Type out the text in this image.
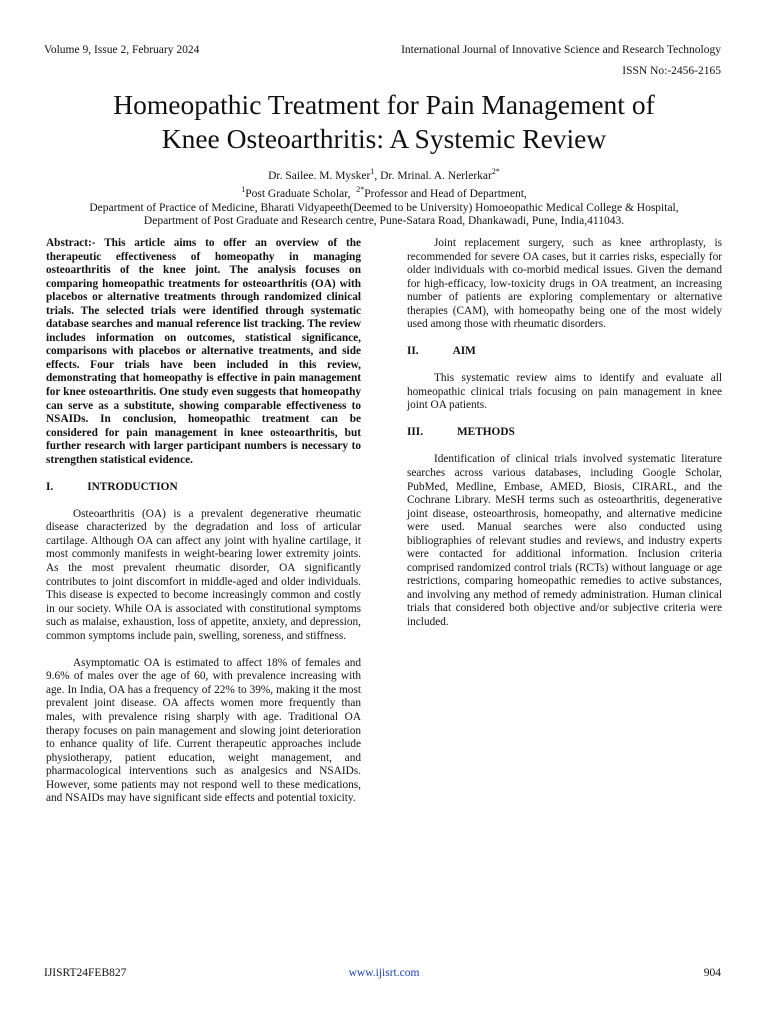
Volume 9, Issue 2, February 2024	International Journal of Innovative Science and Research Technology
ISSN No:-2456-2165
Homeopathic Treatment for Pain Management of
Knee Osteoarthritis: A Systemic Review
Dr. Sailee. M. Mysker$^1$, Dr. Mrinal. A. Nerlerkar$^{2*}$
$^1$Post Graduate Scholar, $^{2*}$Professor and Head of Department,
Department of Practice of Medicine, Bharati Vidyapeeth(Deemed to be University) Homoeopathic Medical College & Hospital,
Department of Post Graduate and Research centre, Pune-Satara Road, Dhankawadi, Pune, India,411043.

Abstract:- This article aims to offer an overview of the therapeutic effectiveness of homeopathy in managing osteoarthritis of the knee joint. The analysis focuses on comparing homeopathic treatments for osteoarthritis (OA) with placebos or alternative treatments through randomized clinical trials. The selected trials were identified through systematic database searches and manual reference list tracking. The review includes information on outcomes, statistical significance, comparisons with placebos or alternative treatments, and side effects. Four trials have been included in this review, demonstrating that homeopathy is effective in pain management for knee osteoarthritis. One study even suggests that homeopathy can serve as a substitute, showing comparable effectiveness to NSAIDs. In conclusion, homeopathic treatment can be considered for pain management in knee osteoarthritis, but further research with larger participant numbers is necessary to strengthen statistical evidence.

I.	INTRODUCTION

Osteoarthritis (OA) is a prevalent degenerative rheumatic disease characterized by the degradation and loss of articular cartilage. Although OA can affect any joint with hyaline cartilage, it most commonly manifests in weight-bearing lower extremity joints. As the most prevalent rheumatic disorder, OA significantly contributes to joint discomfort in middle-aged and older individuals. This disease is expected to become increasingly common and costly in our society. While OA is associated with constitutional symptoms such as malaise, exhaustion, loss of appetite, anxiety, and depression, common symptoms include pain, swelling, soreness, and stiffness.

Asymptomatic OA is estimated to affect 18% of females and 9.6% of males over the age of 60, with prevalence increasing with age. In India, OA has a frequency of 22% to 39%, making it the most prevalent joint disease. OA affects women more frequently than males, with prevalence rising sharply with age. Traditional OA therapy focuses on pain management and slowing joint deterioration to enhance quality of life. Current therapeutic approaches include physiotherapy, patient education, weight management, and pharmacological interventions such as analgesics and NSAIDs. However, some patients may not respond well to these medications, and NSAIDs may have significant side effects and potential toxicity.

Joint replacement surgery, such as knee arthroplasty, is recommended for severe OA cases, but it carries risks, especially for older individuals with co-morbid medical issues. Given the demand for high-efficacy, low-toxicity drugs in OA treatment, an increasing number of patients are exploring complementary or alternative therapies (CAM), with homeopathy being one of the most widely used among those with rheumatic disorders.

II.	AIM

This systematic review aims to identify and evaluate all homeopathic clinical trials focusing on pain management in knee joint OA patients.

III.	METHODS

Identification of clinical trials involved systematic literature searches across various databases, including Google Scholar, PubMed, Medline, Embase, AMED, Biosis, CIRARL, and the Cochrane Library. MeSH terms such as osteoarthritis, degenerative joint disease, osteoarthrosis, homeopathy, and alternative medicine were used. Manual searches were also conducted using bibliographies of relevant studies and reviews, and industry experts were contacted for additional information. Inclusion criteria comprised randomized control trials (RCTs) without language or age restrictions, comparing homeopathic remedies to active substances, and involving any method of remedy administration. Human clinical trials that considered both objective and/or subjective criteria were included.

IJISRT24FEB827	www.ijisrt.com	904
